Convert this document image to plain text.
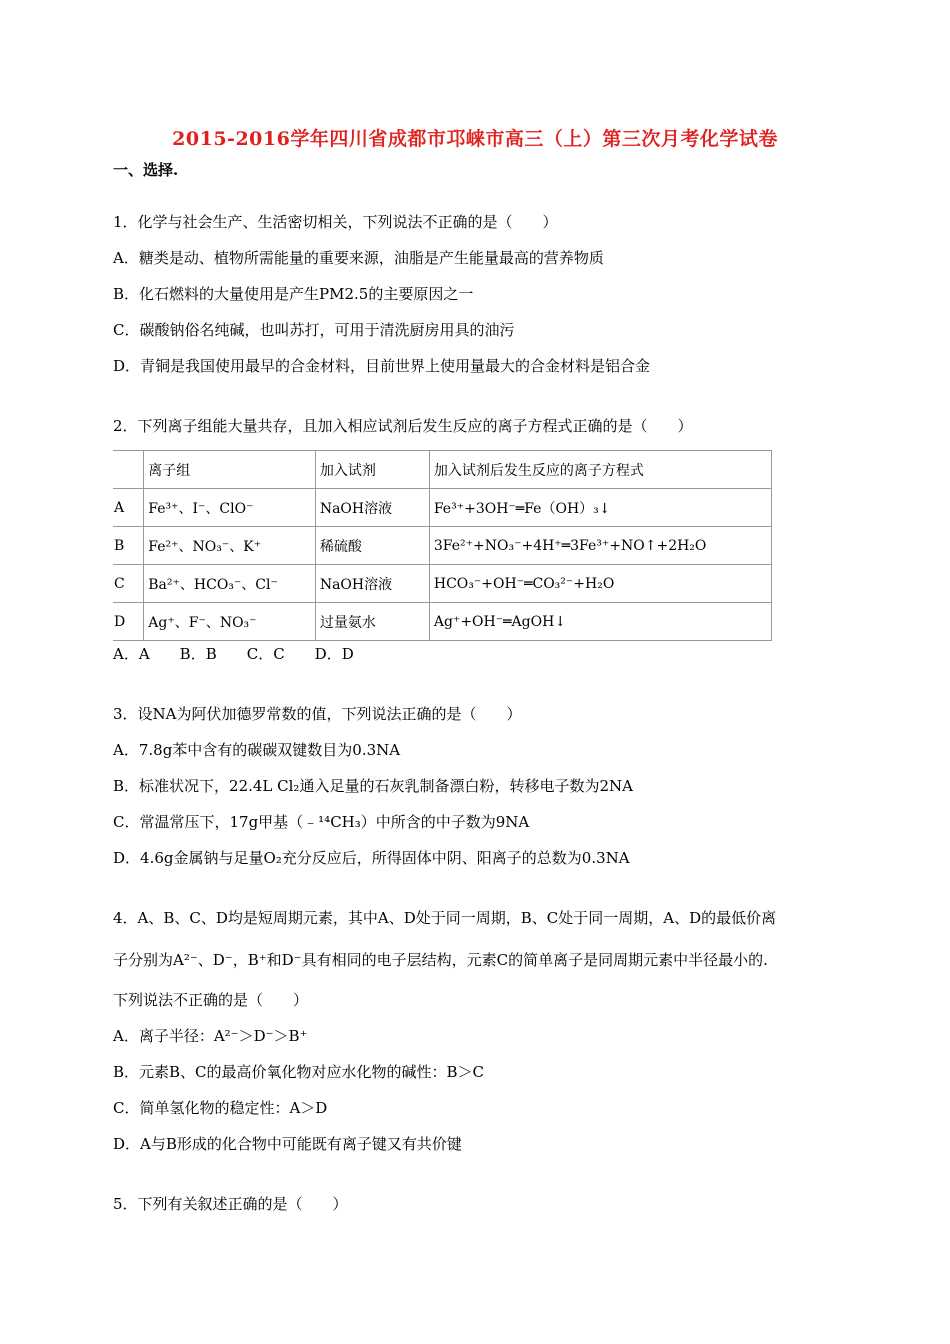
2015-2016学年四川省成都市邛崃市高三（上）第三次月考化学试卷
一、选择.
1．化学与社会生产、生活密切相关，下列说法不正确的是（　　）
A．糖类是动、植物所需能量的重要来源，油脂是产生能量最高的营养物质
B．化石燃料的大量使用是产生PM2.5的主要原因之一
C．碳酸钠俗名纯碱，也叫苏打，可用于清洗厨房用具的油污
D．青铜是我国使用最早的合金材料，目前世界上使用量最大的合金材料是铝合金
2．下列离子组能大量共存，且加入相应试剂后发生反应的离子方程式正确的是（　　）
	离子组	加入试剂	加入试剂后发生反应的离子方程式
A	Fe³⁺、I⁻、ClO⁻	NaOH溶液	Fe³⁺+3OH⁻═Fe（OH）₃↓
B	Fe²⁺、NO₃⁻、K⁺	稀硫酸	3Fe²⁺+NO₃⁻+4H⁺═3Fe³⁺+NO↑+2H₂O
C	Ba²⁺、HCO₃⁻、Cl⁻	NaOH溶液	HCO₃⁻+OH⁻═CO₃²⁻+H₂O
D	Ag⁺、F⁻、NO₃⁻	过量氨水	Ag⁺+OH⁻═AgOH↓
A．A　　B．B　　C．C　　D．D
3．设NA为阿伏加德罗常数的值，下列说法正确的是（　　）
A．7.8g苯中含有的碳碳双键数目为0.3NA
B．标准状况下，22.4L Cl₂通入足量的石灰乳制备漂白粉，转移电子数为2NA
C．常温常压下，17g甲基（﹣¹⁴CH₃）中所含的中子数为9NA
D．4.6g金属钠与足量O₂充分反应后，所得固体中阴、阳离子的总数为0.3NA
4．A、B、C、D均是短周期元素，其中A、D处于同一周期，B、C处于同一周期，A、D的最低价离
子分别为A²⁻、D⁻，B⁺和D⁻具有相同的电子层结构，元素C的简单离子是同周期元素中半径最小的.
下列说法不正确的是（　　）
A．离子半径：A²⁻＞D⁻＞B⁺
B．元素B、C的最高价氧化物对应水化物的碱性：B＞C
C．简单氢化物的稳定性：A＞D
D．A与B形成的化合物中可能既有离子键又有共价键
5．下列有关叙述正确的是（　　）
